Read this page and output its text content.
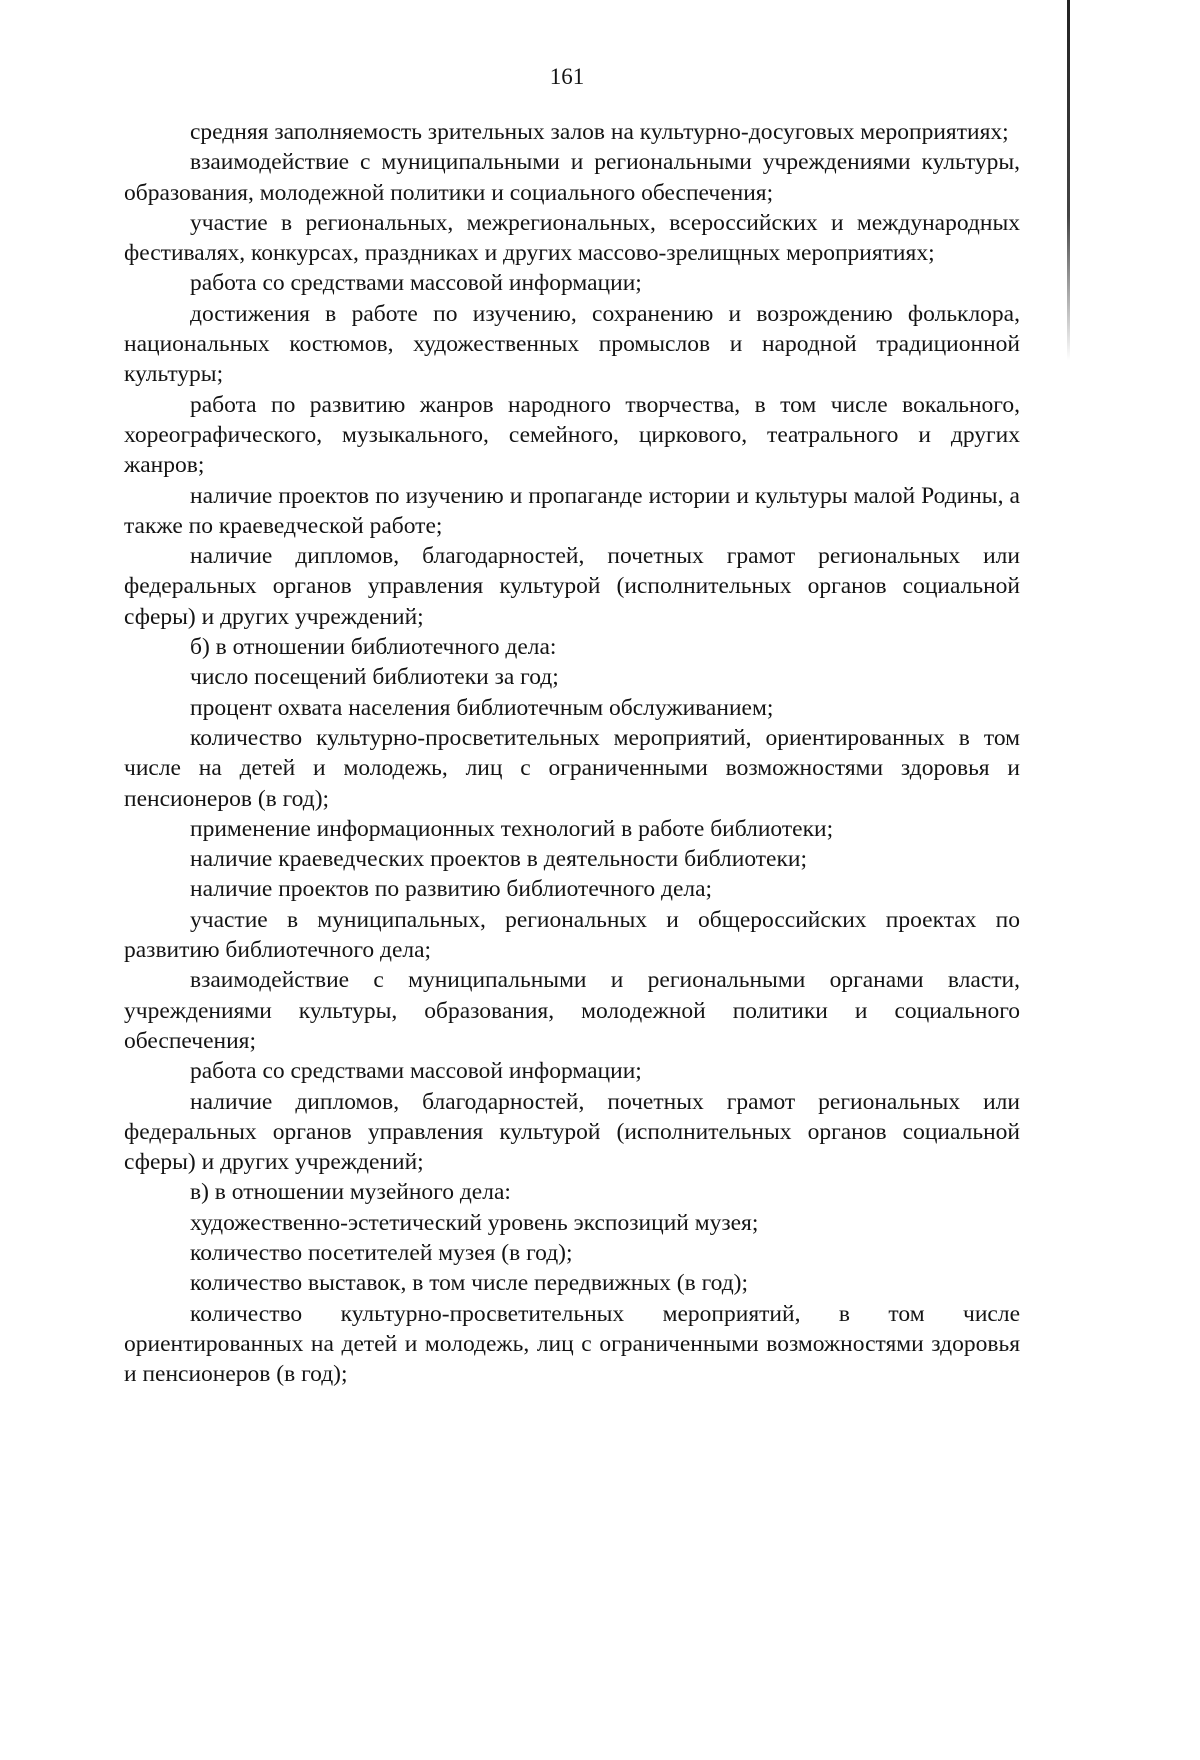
161

средняя заполняемость зрительных залов на культурно-досуговых мероприятиях;

взаимодействие с муниципальными и региональными учреждениями культуры, образования, молодежной политики и социального обеспечения;

участие в региональных, межрегиональных, всероссийских и международных фестивалях, конкурсах, праздниках и других массово-зрелищных мероприятиях;

работа со средствами массовой информации;

достижения в работе по изучению, сохранению и возрождению фольклора, национальных костюмов, художественных промыслов и народной традиционной культуры;

работа по развитию жанров народного творчества, в том числе вокального, хореографического, музыкального, семейного, циркового, театрального и других жанров;

наличие проектов по изучению и пропаганде истории и культуры малой Родины, а также по краеведческой работе;

наличие дипломов, благодарностей, почетных грамот региональных или федеральных органов управления культурой (исполнительных органов социальной сферы) и других учреждений;

б) в отношении библиотечного дела:

число посещений библиотеки за год;

процент охвата населения библиотечным обслуживанием;

количество культурно-просветительных мероприятий, ориентированных в том числе на детей и молодежь, лиц с ограниченными возможностями здоровья и пенсионеров (в год);

применение информационных технологий в работе библиотеки;

наличие краеведческих проектов в деятельности библиотеки;

наличие проектов по развитию библиотечного дела;

участие в муниципальных, региональных и общероссийских проектах по развитию библиотечного дела;

взаимодействие с муниципальными и региональными органами власти, учреждениями культуры, образования, молодежной политики и социального обеспечения;

работа со средствами массовой информации;

наличие дипломов, благодарностей, почетных грамот региональных или федеральных органов управления культурой (исполнительных органов социальной сферы) и других учреждений;

в) в отношении музейного дела:

художественно-эстетический уровень экспозиций музея;

количество посетителей музея (в год);

количество выставок, в том числе передвижных (в год);

количество культурно-просветительных мероприятий, в том числе ориентированных на детей и молодежь, лиц с ограниченными возможностями здоровья и пенсионеров (в год);
